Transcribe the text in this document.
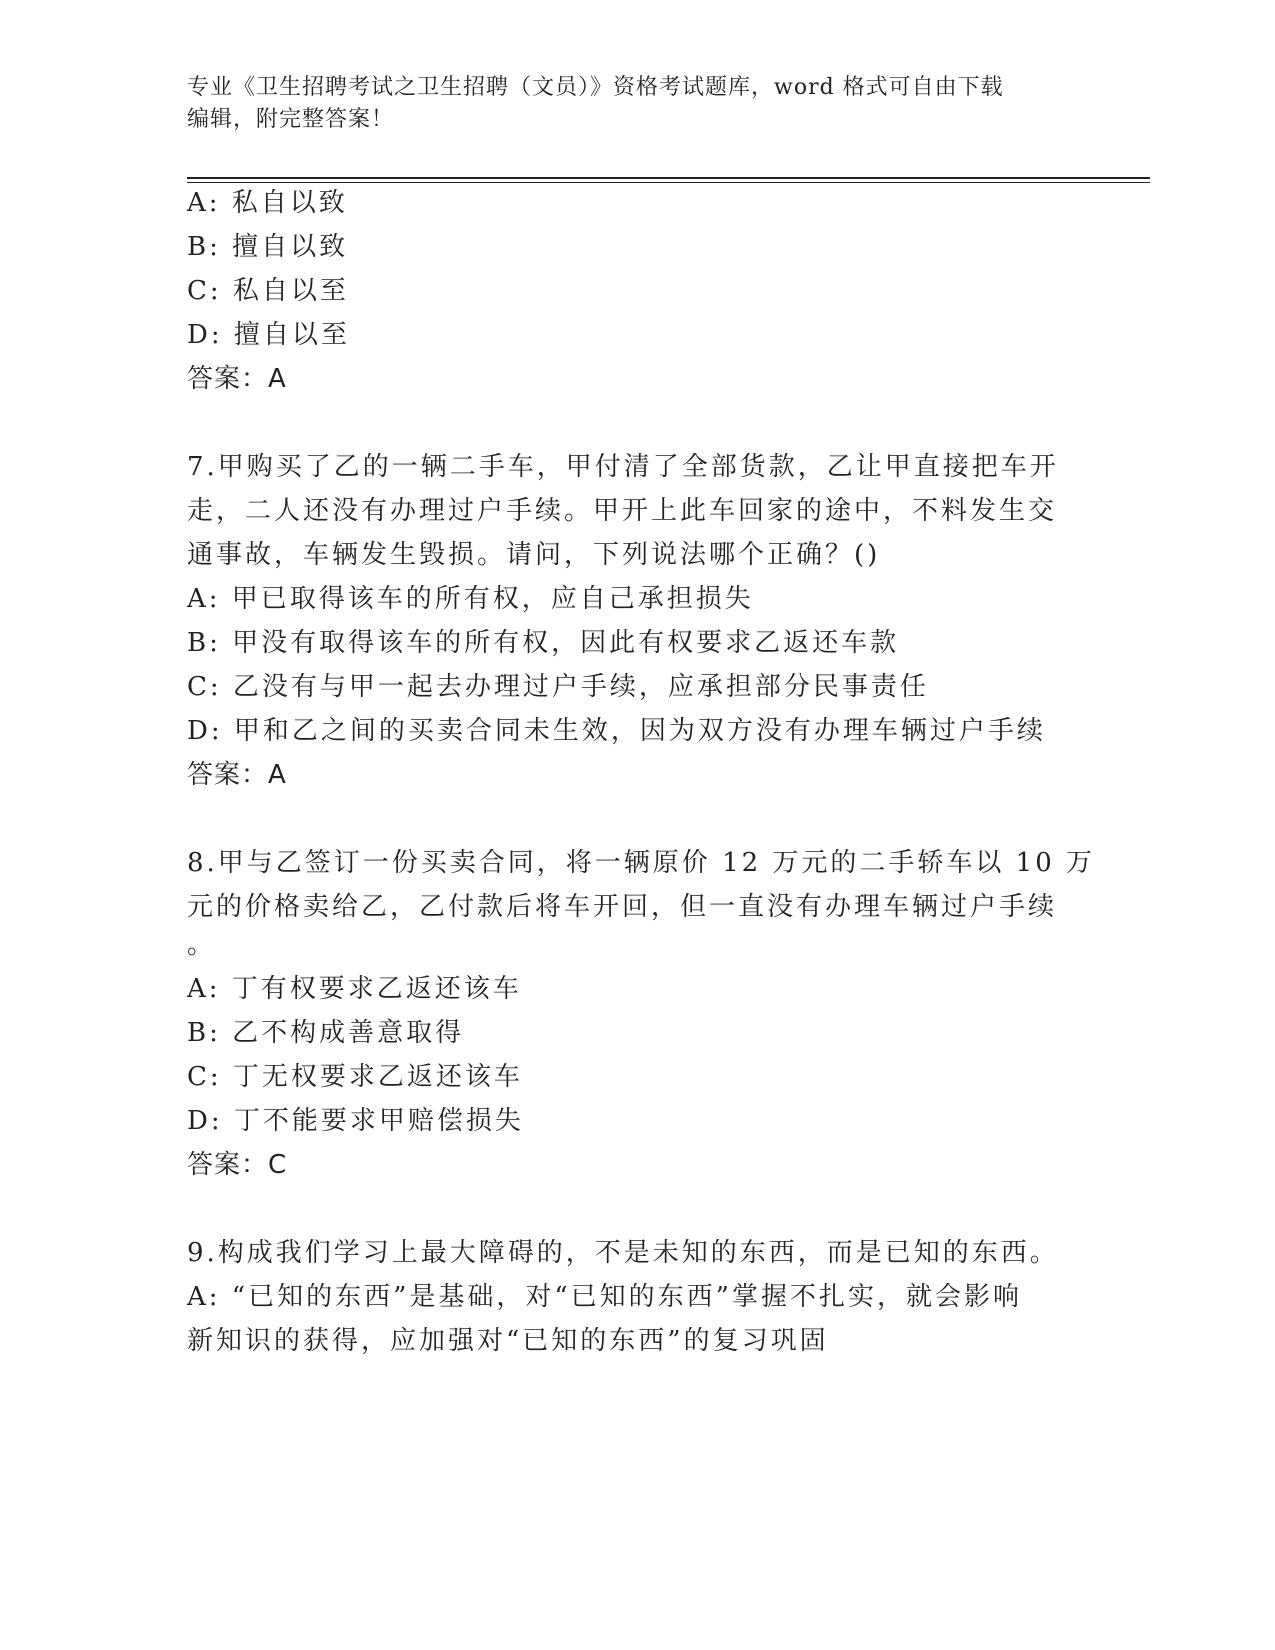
专业《卫生招聘考试之卫生招聘（文员）》资格考试题库，word 格式可自由下载
编辑，附完整答案！
A: 私自以致
B: 擅自以致
C: 私自以至
D: 擅自以至
答案：A
7.甲购买了乙的一辆二手车，甲付清了全部货款，乙让甲直接把车开
走，二人还没有办理过户手续。甲开上此车回家的途中，不料发生交
通事故，车辆发生毁损。请问，下列说法哪个正确？()
A: 甲已取得该车的所有权，应自己承担损失
B: 甲没有取得该车的所有权，因此有权要求乙返还车款
C: 乙没有与甲一起去办理过户手续，应承担部分民事责任
D: 甲和乙之间的买卖合同未生效，因为双方没有办理车辆过户手续
答案：A
8.甲与乙签订一份买卖合同，将一辆原价 12 万元的二手轿车以 10 万
元的价格卖给乙，乙付款后将车开回，但一直没有办理车辆过户手续
。
A: 丁有权要求乙返还该车
B: 乙不构成善意取得
C: 丁无权要求乙返还该车
D: 丁不能要求甲赔偿损失
答案：C
9.构成我们学习上最大障碍的，不是未知的东西，而是已知的东西。
A: “已知的东西”是基础，对“已知的东西”掌握不扎实，就会影响
新知识的获得，应加强对“已知的东西”的复习巩固
